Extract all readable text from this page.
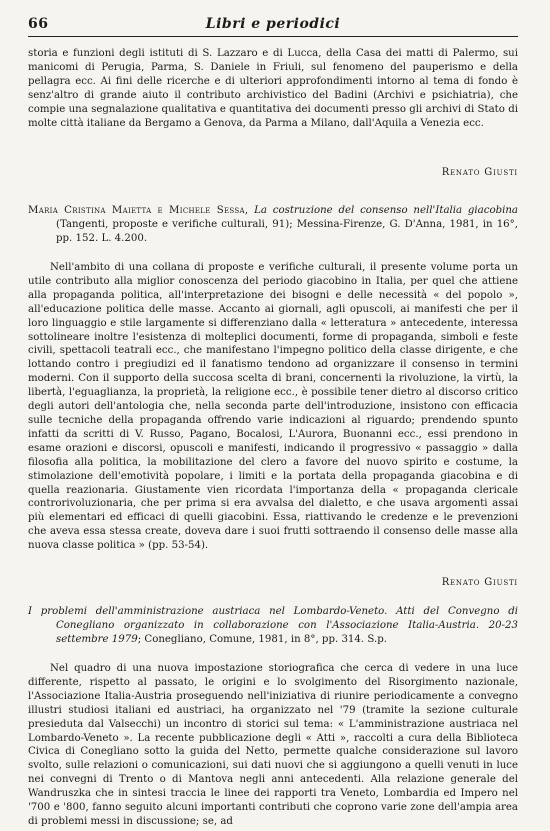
66	Libri e periodici

storia e funzioni degli istituti di S. Lazzaro e di Lucca, della Casa dei matti di Palermo, sui manicomi di Perugia, Parma, S. Daniele in Friuli, sul fenomeno del pauperismo e della pellagra ecc. Ai fini delle ricerche e di ulteriori approfondimenti intorno al tema di fondo è senz'altro di grande aiuto il contributo archivistico del Badini (Archivi e psichiatria), che compie una segnalazione qualitativa e quantitativa dei documenti presso gli archivi di Stato di molte città italiane da Bergamo a Genova, da Parma a Milano, dall'Aquila a Venezia ecc.

Renato Giusti

Maria Cristina Maietta e Michele Sessa, La costruzione del consenso nell'Italia giacobina (Tangenti, proposte e verifiche culturali, 91); Messina-Firenze, G. D'Anna, 1981, in 16°, pp. 152. L. 4.200.

Nell'ambito di una collana di proposte e verifiche culturali, il presente volume porta un utile contributo alla miglior conoscenza del periodo giacobino in Italia, per quel che attiene alla propaganda politica, all'interpretazione dei bisogni e delle necessità « del popolo », all'educazione politica delle masse. Accanto ai giornali, agli opuscoli, ai manifesti che per il loro linguaggio e stile largamente si differenziano dalla « letteratura » antecedente, interessa sottolineare inoltre l'esistenza di molteplici documenti, forme di propaganda, simboli e feste civili, spettacoli teatrali ecc., che manifestano l'impegno politico della classe dirigente, e che lottando contro i pregiudizi ed il fanatismo tendono ad organizzare il consenso in termini moderni. Con il supporto della succosa scelta di brani, concernenti la rivoluzione, la virtù, la libertà, l'eguaglianza, la proprietà, la religione ecc., è possibile tener dietro al discorso critico degli autori dell'antologia che, nella seconda parte dell'introduzione, insistono con efficacia sulle tecniche della propaganda offrendo varie indicazioni al riguardo; prendendo spunto infatti da scritti di V. Russo, Pagano, Bocalosi, L'Aurora, Buonanni ecc., essi prendono in esame orazioni e discorsi, opuscoli e manifesti, indicando il progressivo « passaggio » dalla filosofia alla politica, la mobilitazione del clero a favore del nuovo spirito e costume, la stimolazione dell'emotività popolare, i limiti e la portata della propaganda giacobina e di quella reazionaria. Giustamente vien ricordata l'importanza della « propaganda clericale controrivoluzionaria, che per prima si era avvalsa del dialetto, e che usava argomenti assai più elementari ed efficaci di quelli giacobini. Essa, riattivando le credenze e le prevenzioni che aveva essa stessa create, doveva dare i suoi frutti sottraendo il consenso delle masse alla nuova classe politica » (pp. 53-54).

Renato Giusti

I problemi dell'amministrazione austriaca nel Lombardo-Veneto. Atti del Convegno di Conegliano organizzato in collaborazione con l'Associazione Italia-Austria. 20-23 settembre 1979; Conegliano, Comune, 1981, in 8°, pp. 314. S.p.

Nel quadro di una nuova impostazione storiografica che cerca di vedere in una luce differente, rispetto al passato, le origini e lo svolgimento del Risorgimento nazionale, l'Associazione Italia-Austria proseguendo nell'iniziativa di riunire periodicamente a convegno illustri studiosi italiani ed austriaci, ha organizzato nel '79 (tramite la sezione culturale presieduta dal Valsecchi) un incontro di storici sul tema: « L'amministrazione austriaca nel Lombardo-Veneto ». La recente pubblicazione degli « Atti », raccolti a cura della Biblioteca Civica di Conegliano sotto la guida del Netto, permette qualche considerazione sul lavoro svolto, sulle relazioni o comunicazioni, sui dati nuovi che si aggiungono a quelli venuti in luce nei convegni di Trento o di Mantova negli anni antecedenti. Alla relazione generale del Wandruszka che in sintesi traccia le linee dei rapporti tra Veneto, Lombardia ed Impero nel '700 e '800, fanno seguito alcuni importanti contributi che coprono varie zone dell'ampia area di problemi messi in discussione; se, ad
